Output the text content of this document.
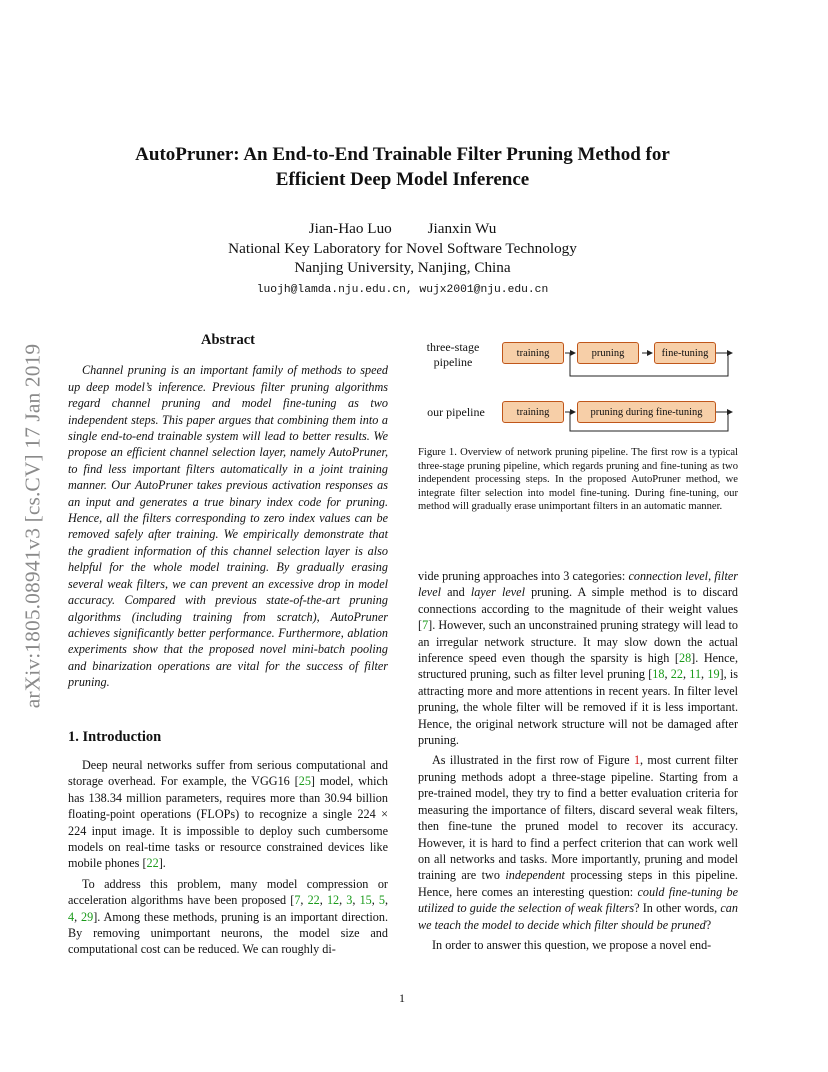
arXiv:1805.08941v3 [cs.CV] 17 Jan 2019
AutoPruner: An End-to-End Trainable Filter Pruning Method for
Efficient Deep Model Inference
Jian-Hao Luo Jianxin Wu
National Key Laboratory for Novel Software Technology
Nanjing University, Nanjing, China
luojh@lamda.nju.edu.cn, wujx2001@nju.edu.cn
Abstract

Channel pruning is an important family of methods to speed up deep model’s inference. Previous filter pruning algorithms regard channel pruning and model fine-tuning as two independent steps. This paper argues that combining them into a single end-to-end trainable system will lead to better results. We propose an efficient channel selection layer, namely AutoPruner, to find less important filters automatically in a joint training manner. Our AutoPruner takes previous activation responses as an input and generates a true binary index code for pruning. Hence, all the filters corresponding to zero index values can be removed safely after training. We empirically demonstrate that the gradient information of this channel selection layer is also helpful for the whole model training. By gradually erasing several weak filters, we can prevent an excessive drop in model accuracy. Compared with previous state-of-the-art pruning algorithms (including training from scratch), AutoPruner achieves significantly better performance. Furthermore, ablation experiments show that the proposed novel mini-batch pooling and binarization operations are vital for the success of filter pruning.

1. Introduction

Deep neural networks suffer from serious computational and storage overhead. For example, the VGG16 [25] model, which has 138.34 million parameters, requires more than 30.94 billion floating-point operations (FLOPs) to recognize a single 224 × 224 input image. It is impossible to deploy such cumbersome models on real-time tasks or resource constrained devices like mobile phones [22].

To address this problem, many model compression or acceleration algorithms have been proposed [7, 22, 12, 3, 15, 5, 4, 29]. Among these methods, pruning is an important direction. By removing unimportant neurons, the model size and computational cost can be reduced. We can roughly di-

three-stage
pipeline
our pipeline
training	pruning	fine-tuning
training	pruning during fine-tuning
Figure 1. Overview of network pruning pipeline. The first row is a typical three-stage pruning pipeline, which regards pruning and fine-tuning as two independent processing steps. In the proposed AutoPruner method, we integrate filter selection into model fine-tuning. During fine-tuning, our method will gradually erase unimportant filters in an automatic manner.

vide pruning approaches into 3 categories: connection level, filter level and layer level pruning. A simple method is to discard connections according to the magnitude of their weight values [7]. However, such an unconstrained pruning strategy will lead to an irregular network structure. It may slow down the actual inference speed even though the sparsity is high [28]. Hence, structured pruning, such as filter level pruning [18, 22, 11, 19], is attracting more and more attentions in recent years. In filter level pruning, the whole filter will be removed if it is less important. Hence, the original network structure will not be damaged after pruning.

As illustrated in the first row of Figure 1, most current filter pruning methods adopt a three-stage pipeline. Starting from a pre-trained model, they try to find a better evaluation criteria for measuring the importance of filters, discard several weak filters, then fine-tune the pruned model to recover its accuracy. However, it is hard to find a perfect criterion that can work well on all networks and tasks. More importantly, pruning and model training are two independent processing steps in this pipeline. Hence, here comes an interesting question: could fine-tuning be utilized to guide the selection of weak filters? In other words, can we teach the model to decide which filter should be pruned?

In order to answer this question, we propose a novel end-

1
